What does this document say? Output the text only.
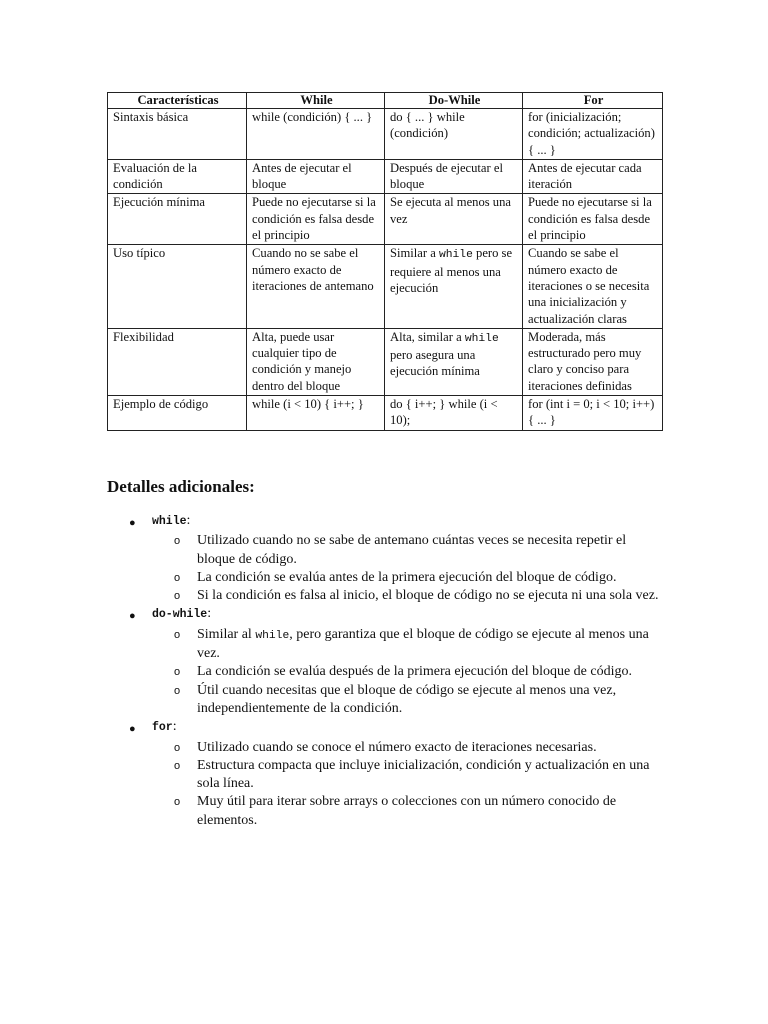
Características	While	Do-While	For
Sintaxis básica	while (condición) { ... }	do { ... } while (condición)	for (inicialización; condición; actualización) { ... }
Evaluación de la condición	Antes de ejecutar el bloque	Después de ejecutar el bloque	Antes de ejecutar cada iteración
Ejecución mínima	Puede no ejecutarse si la condición es falsa desde el principio	Se ejecuta al menos una vez	Puede no ejecutarse si la condición es falsa desde el principio
Uso típico	Cuando no se sabe el número exacto de iteraciones de antemano	Similar a while pero se requiere al menos una ejecución	Cuando se sabe el número exacto de iteraciones o se necesita una inicialización y actualización claras
Flexibilidad	Alta, puede usar cualquier tipo de condición y manejo dentro del bloque	Alta, similar a while pero asegura una ejecución mínima	Moderada, más estructurado pero muy claro y conciso para iteraciones definidas
Ejemplo de código	while (i < 10) { i++; }	do { i++; } while (i < 10);	for (int i = 0; i < 10; i++) { ... }
Detalles adicionales:
● while:
o Utilizado cuando no se sabe de antemano cuántas veces se necesita repetir el bloque de código.
o La condición se evalúa antes de la primera ejecución del bloque de código.
o Si la condición es falsa al inicio, el bloque de código no se ejecuta ni una sola vez.
● do-while:
o Similar al while, pero garantiza que el bloque de código se ejecute al menos una vez.
o La condición se evalúa después de la primera ejecución del bloque de código.
o Útil cuando necesitas que el bloque de código se ejecute al menos una vez, independientemente de la condición.
● for:
o Utilizado cuando se conoce el número exacto de iteraciones necesarias.
o Estructura compacta que incluye inicialización, condición y actualización en una sola línea.
o Muy útil para iterar sobre arrays o colecciones con un número conocido de elementos.
